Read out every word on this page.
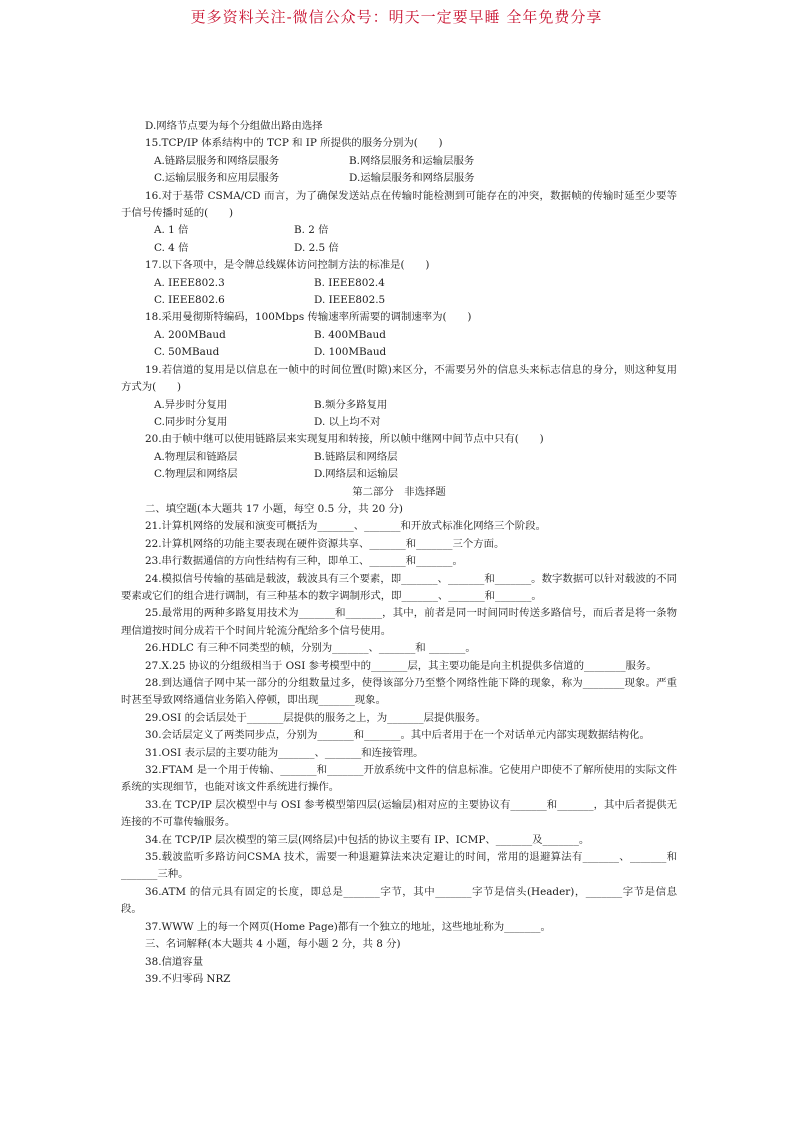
更多资料关注-微信公众号：明天一定要早睡 全年免费分享
D.网络节点要为每个分组做出路由选择
15.TCP/IP 体系结构中的 TCP 和 IP 所提供的服务分别为(　　)
A.链路层服务和网络层服务	B.网络层服务和运输层服务
C.运输层服务和应用层服务	D.运输层服务和网络层服务
16.对于基带 CSMA/CD 而言，为了确保发送站点在传输时能检测到可能存在的冲突，数据帧的传输时延至少要等于信号传播时延的(　　)
A. 1 倍	B. 2 倍
C. 4 倍	D. 2.5 倍
17.以下各项中，是令牌总线媒体访问控制方法的标准是(　　)
A. IEEE802.3	B. IEEE802.4
C. IEEE802.6	D. IEEE802.5
18.采用曼彻斯特编码，100Mbps 传输速率所需要的调制速率为(　　)
A. 200MBaud	B. 400MBaud
C. 50MBaud	D. 100MBaud
19.若信道的复用是以信息在一帧中的时间位置(时隙)来区分，不需要另外的信息头来标志信息的身分，则这种复用方式为(　　)
A.异步时分复用	B.频分多路复用
C.同步时分复用	D. 以上均不对
20.由于帧中继可以使用链路层来实现复用和转接，所以帧中继网中间节点中只有(　　)
A.物理层和链路层	B.链路层和网络层
C.物理层和网络层	D.网络层和运输层
第二部分　非选择题
二、填空题(本大题共 17 小题，每空 0.5 分，共 20 分)
21.计算机网络的发展和演变可概括为_______、_______和开放式标准化网络三个阶段。
22.计算机网络的功能主要表现在硬件资源共享、_______和_______三个方面。
23.串行数据通信的方向性结构有三种，即单工、_______和_______。
24.模拟信号传输的基础是载波，载波具有三个要素，即_______、_______和_______。数字数据可以针对载波的不同要素或它们的组合进行调制，有三种基本的数字调制形式，即_______、_______和_______。
25.最常用的两种多路复用技术为_______和_______，其中，前者是同一时间同时传送多路信号，而后者是将一条物理信道按时间分成若干个时间片轮流分配给多个信号使用。
26.HDLC 有三种不同类型的帧，分别为_______、_______和 _______。
27.X.25 协议的分组级相当于 OSI 参考模型中的_______层，其主要功能是向主机提供多信道的________服务。
28.到达通信子网中某一部分的分组数量过多，使得该部分乃至整个网络性能下降的现象，称为________现象。严重时甚至导致网络通信业务陷入停顿，即出现_______现象。
29.OSI 的会话层处于_______层提供的服务之上，为_______层提供服务。
30.会话层定义了两类同步点，分别为_______和_______。其中后者用于在一个对话单元内部实现数据结构化。
31.OSI 表示层的主要功能为_______、_______和连接管理。
32.FTAM 是一个用于传输、_______和_______开放系统中文件的信息标准。它使用户即使不了解所使用的实际文件系统的实现细节，也能对该文件系统进行操作。
33.在 TCP/IP 层次模型中与 OSI 参考模型第四层(运输层)相对应的主要协议有_______和_______，其中后者提供无连接的不可靠传输服务。
34.在 TCP/IP 层次模型的第三层(网络层)中包括的协议主要有 IP、ICMP、_______及_______。
35.载波监听多路访问CSMA 技术，需要一种退避算法来决定避让的时间，常用的退避算法有_______、_______和_______三种。
36.ATM 的信元具有固定的长度，即总是_______字节，其中_______字节是信头(Header)，_______字节是信息段。
37.WWW 上的每一个网页(Home Page)都有一个独立的地址，这些地址称为_______。
三、名词解释(本大题共 4 小题，每小题 2 分，共 8 分)
38.信道容量
39.不归零码 NRZ
